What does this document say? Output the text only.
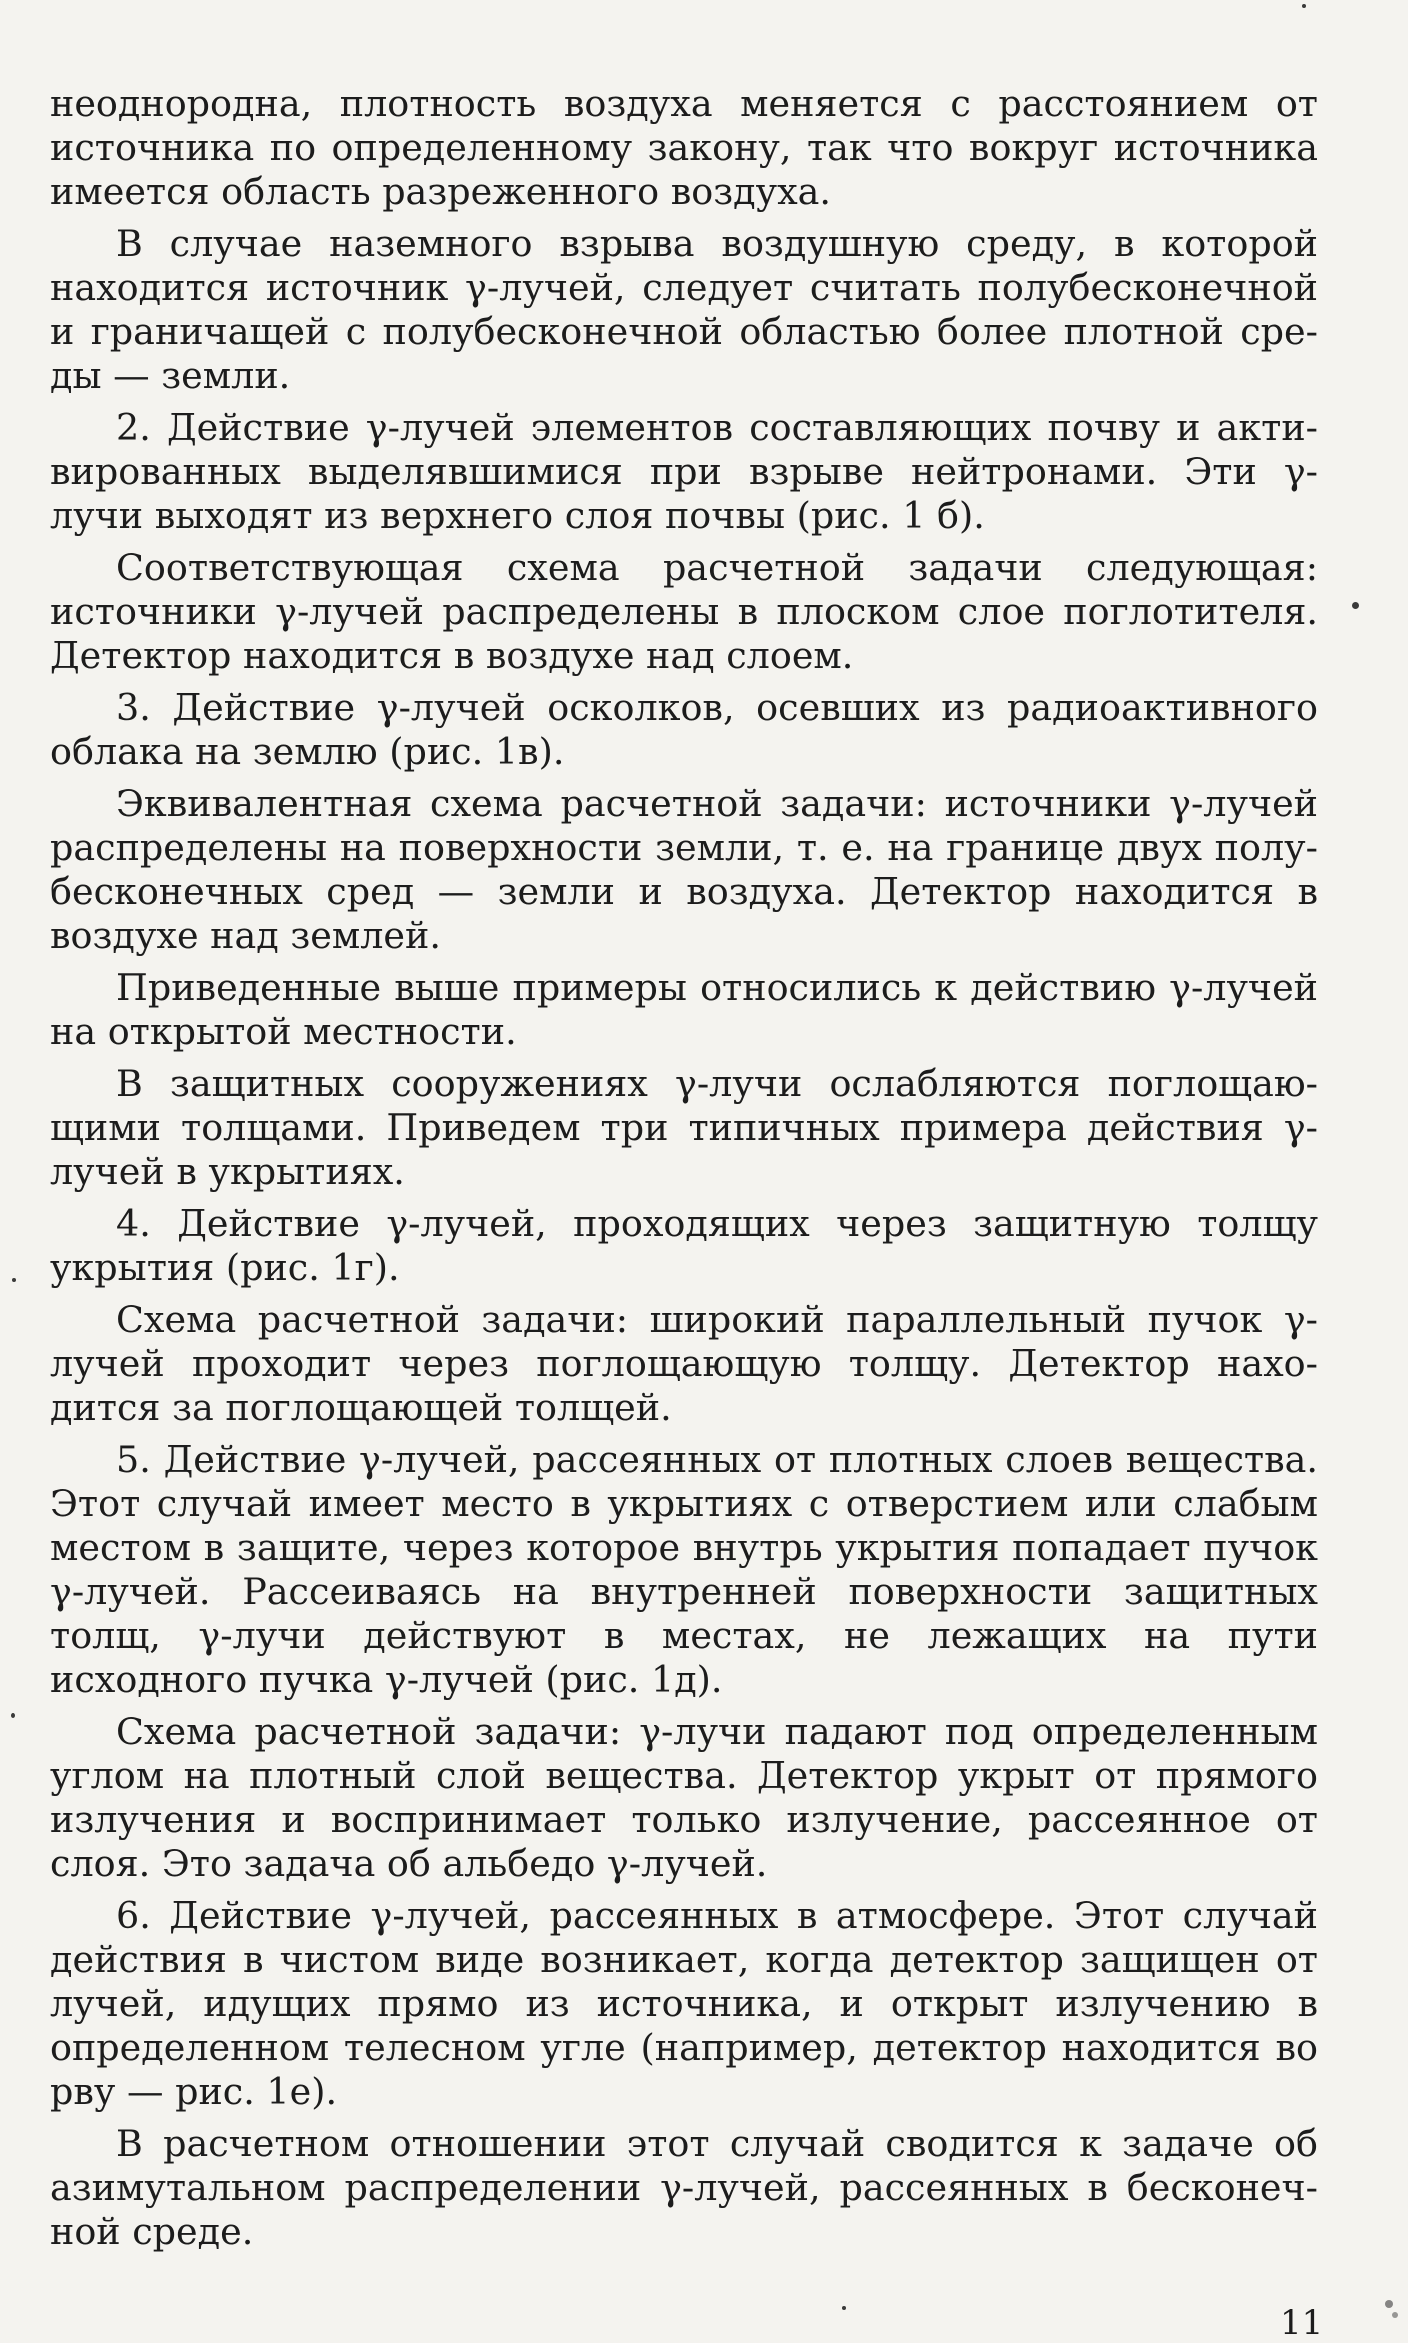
неоднородна, плотность воздуха меняется с расстоянием от источника по определенному закону, так что вокруг источника имеется область разреженного воздуха.

В случае наземного взрыва воздушную среду, в которой находится источник γ-лучей, следует считать полубесконечной и граничащей с полубесконечной областью более плотной среды — земли.

2. Действие γ-лучей элементов составляющих почву и активированных выделявшимися при взрыве нейтронами. Эти γ-лучи выходят из верхнего слоя почвы (рис. 1 б).

Соответствующая схема расчетной задачи следующая: источники γ-лучей распределены в плоском слое поглотителя. Детектор находится в воздухе над слоем.

3. Действие γ-лучей осколков, осевших из радиоактивного облака на землю (рис. 1в).

Эквивалентная схема расчетной задачи: источники γ-лучей распределены на поверхности земли, т. е. на границе двух полубесконечных сред — земли и воздуха. Детектор находится в воздухе над землей.

Приведенные выше примеры относились к действию γ-лучей на открытой местности.

В защитных сооружениях γ-лучи ослабляются поглощающими толщами. Приведем три типичных примера действия γ-лучей в укрытиях.

4. Действие γ-лучей, проходящих через защитную толщу укрытия (рис. 1г).

Схема расчетной задачи: широкий параллельный пучок γ-лучей проходит через поглощающую толщу. Детектор находится за поглощающей толщей.

5. Действие γ-лучей, рассеянных от плотных слоев вещества. Этот случай имеет место в укрытиях с отверстием или слабым местом в защите, через которое внутрь укрытия попадает пучок γ-лучей. Рассеиваясь на внутренней поверхности защитных толщ, γ-лучи действуют в местах, не лежащих на пути исходного пучка γ-лучей (рис. 1д).

Схема расчетной задачи: γ-лучи падают под определенным углом на плотный слой вещества. Детектор укрыт от прямого излучения и воспринимает только излучение, рассеянное от слоя. Это задача об альбедо γ-лучей.

6. Действие γ-лучей, рассеянных в атмосфере. Этот случай действия в чистом виде возникает, когда детектор защищен от лучей, идущих прямо из источника, и открыт излучению в определенном телесном угле (например, детектор находится во рву — рис. 1е).

В расчетном отношении этот случай сводится к задаче об азимутальном распределении γ-лучей, рассеянных в бесконечной среде.

11
